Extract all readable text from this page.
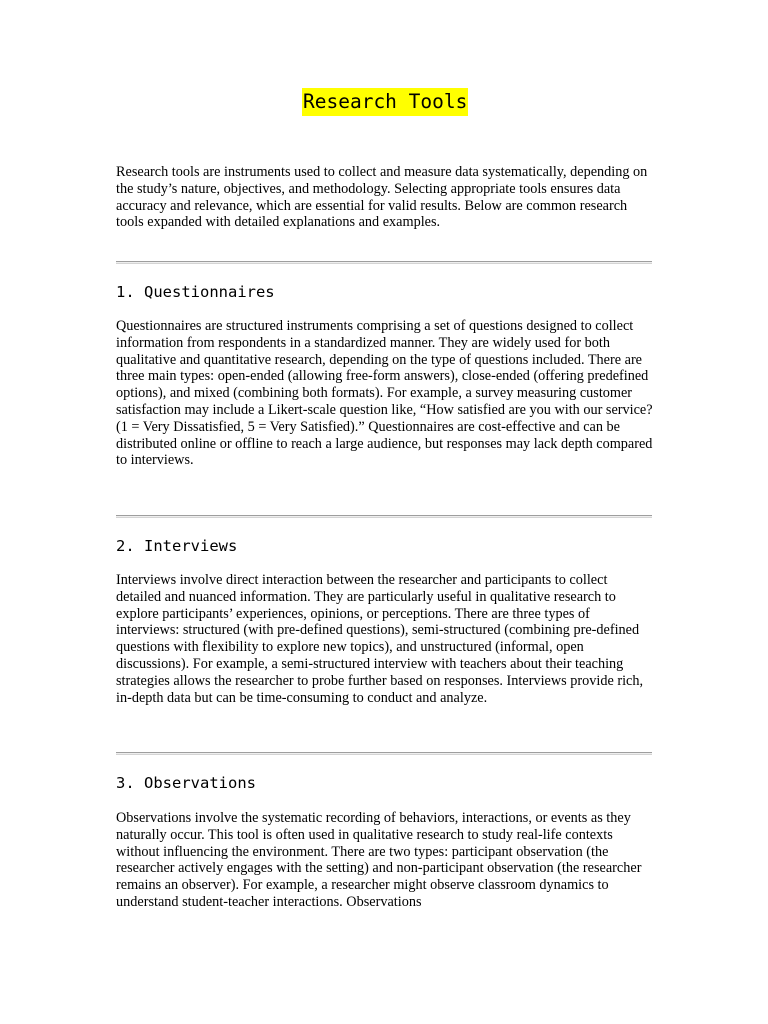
Research Tools

Research tools are instruments used to collect and measure data systematically, depending on the study’s nature, objectives, and methodology. Selecting appropriate tools ensures data accuracy and relevance, which are essential for valid results. Below are common research tools expanded with detailed explanations and examples.

1. Questionnaires

Questionnaires are structured instruments comprising a set of questions designed to collect information from respondents in a standardized manner. They are widely used for both qualitative and quantitative research, depending on the type of questions included. There are three main types: open-ended (allowing free-form answers), close-ended (offering predefined options), and mixed (combining both formats). For example, a survey measuring customer satisfaction may include a Likert-scale question like, “How satisfied are you with our service? (1 = Very Dissatisfied, 5 = Very Satisfied).” Questionnaires are cost-effective and can be distributed online or offline to reach a large audience, but responses may lack depth compared to interviews.

2. Interviews

Interviews involve direct interaction between the researcher and participants to collect detailed and nuanced information. They are particularly useful in qualitative research to explore participants’ experiences, opinions, or perceptions. There are three types of interviews: structured (with pre-defined questions), semi-structured (combining pre-defined questions with flexibility to explore new topics), and unstructured (informal, open discussions). For example, a semi-structured interview with teachers about their teaching strategies allows the researcher to probe further based on responses. Interviews provide rich, in-depth data but can be time-consuming to conduct and analyze.

3. Observations

Observations involve the systematic recording of behaviors, interactions, or events as they naturally occur. This tool is often used in qualitative research to study real-life contexts without influencing the environment. There are two types: participant observation (the researcher actively engages with the setting) and non-participant observation (the researcher remains an observer). For example, a researcher might observe classroom dynamics to understand student-teacher interactions. Observations
